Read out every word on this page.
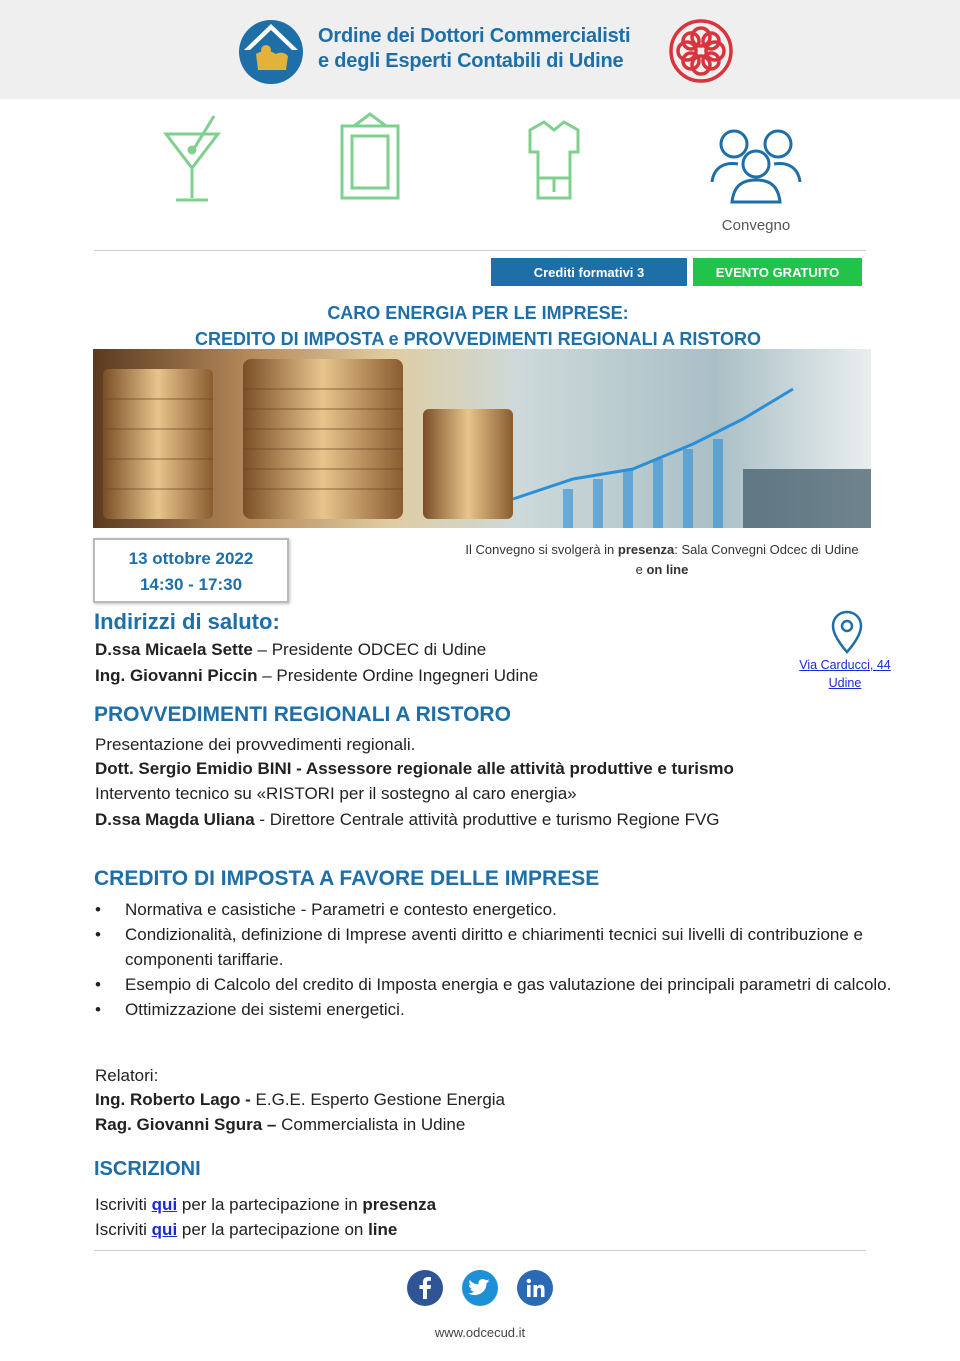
Ordine dei Dottori Commercialisti
e degli Esperti Contabili di Udine
Convegno
Crediti formativi 3	EVENTO GRATUITO
CARO ENERGIA PER LE IMPRESE:
CREDITO DI IMPOSTA e PROVVEDIMENTI REGIONALI A RISTORO
13 ottobre 2022
14:30 - 17:30
Il Convegno si svolgerà in presenza: Sala Convegni Odcec di Udine
e on line
Via Carducci, 44
Udine
Indirizzi di saluto:
D.ssa Micaela Sette – Presidente ODCEC di Udine
Ing. Giovanni Piccin – Presidente Ordine Ingegneri Udine
PROVVEDIMENTI REGIONALI A RISTORO
Presentazione dei provvedimenti regionali.
Dott. Sergio Emidio BINI - Assessore regionale alle attività produttive e turismo
Intervento tecnico su «RISTORI per il sostegno al caro energia»
D.ssa Magda Uliana - Direttore Centrale attività produttive e turismo Regione FVG
CREDITO DI IMPOSTA A FAVORE DELLE IMPRESE
• Normativa e casistiche - Parametri e contesto energetico.
• Condizionalità, definizione di Imprese aventi diritto e chiarimenti tecnici sui livelli di contribuzione e componenti tariffarie.
• Esempio di Calcolo del credito di Imposta energia e gas valutazione dei principali parametri di calcolo.
• Ottimizzazione dei sistemi energetici.
Relatori:
Ing. Roberto Lago - E.G.E. Esperto Gestione Energia
Rag. Giovanni Sgura – Commercialista in Udine
ISCRIZIONI
Iscriviti qui per la partecipazione in presenza
Iscriviti qui per la partecipazione on line
www.odcecud.it
